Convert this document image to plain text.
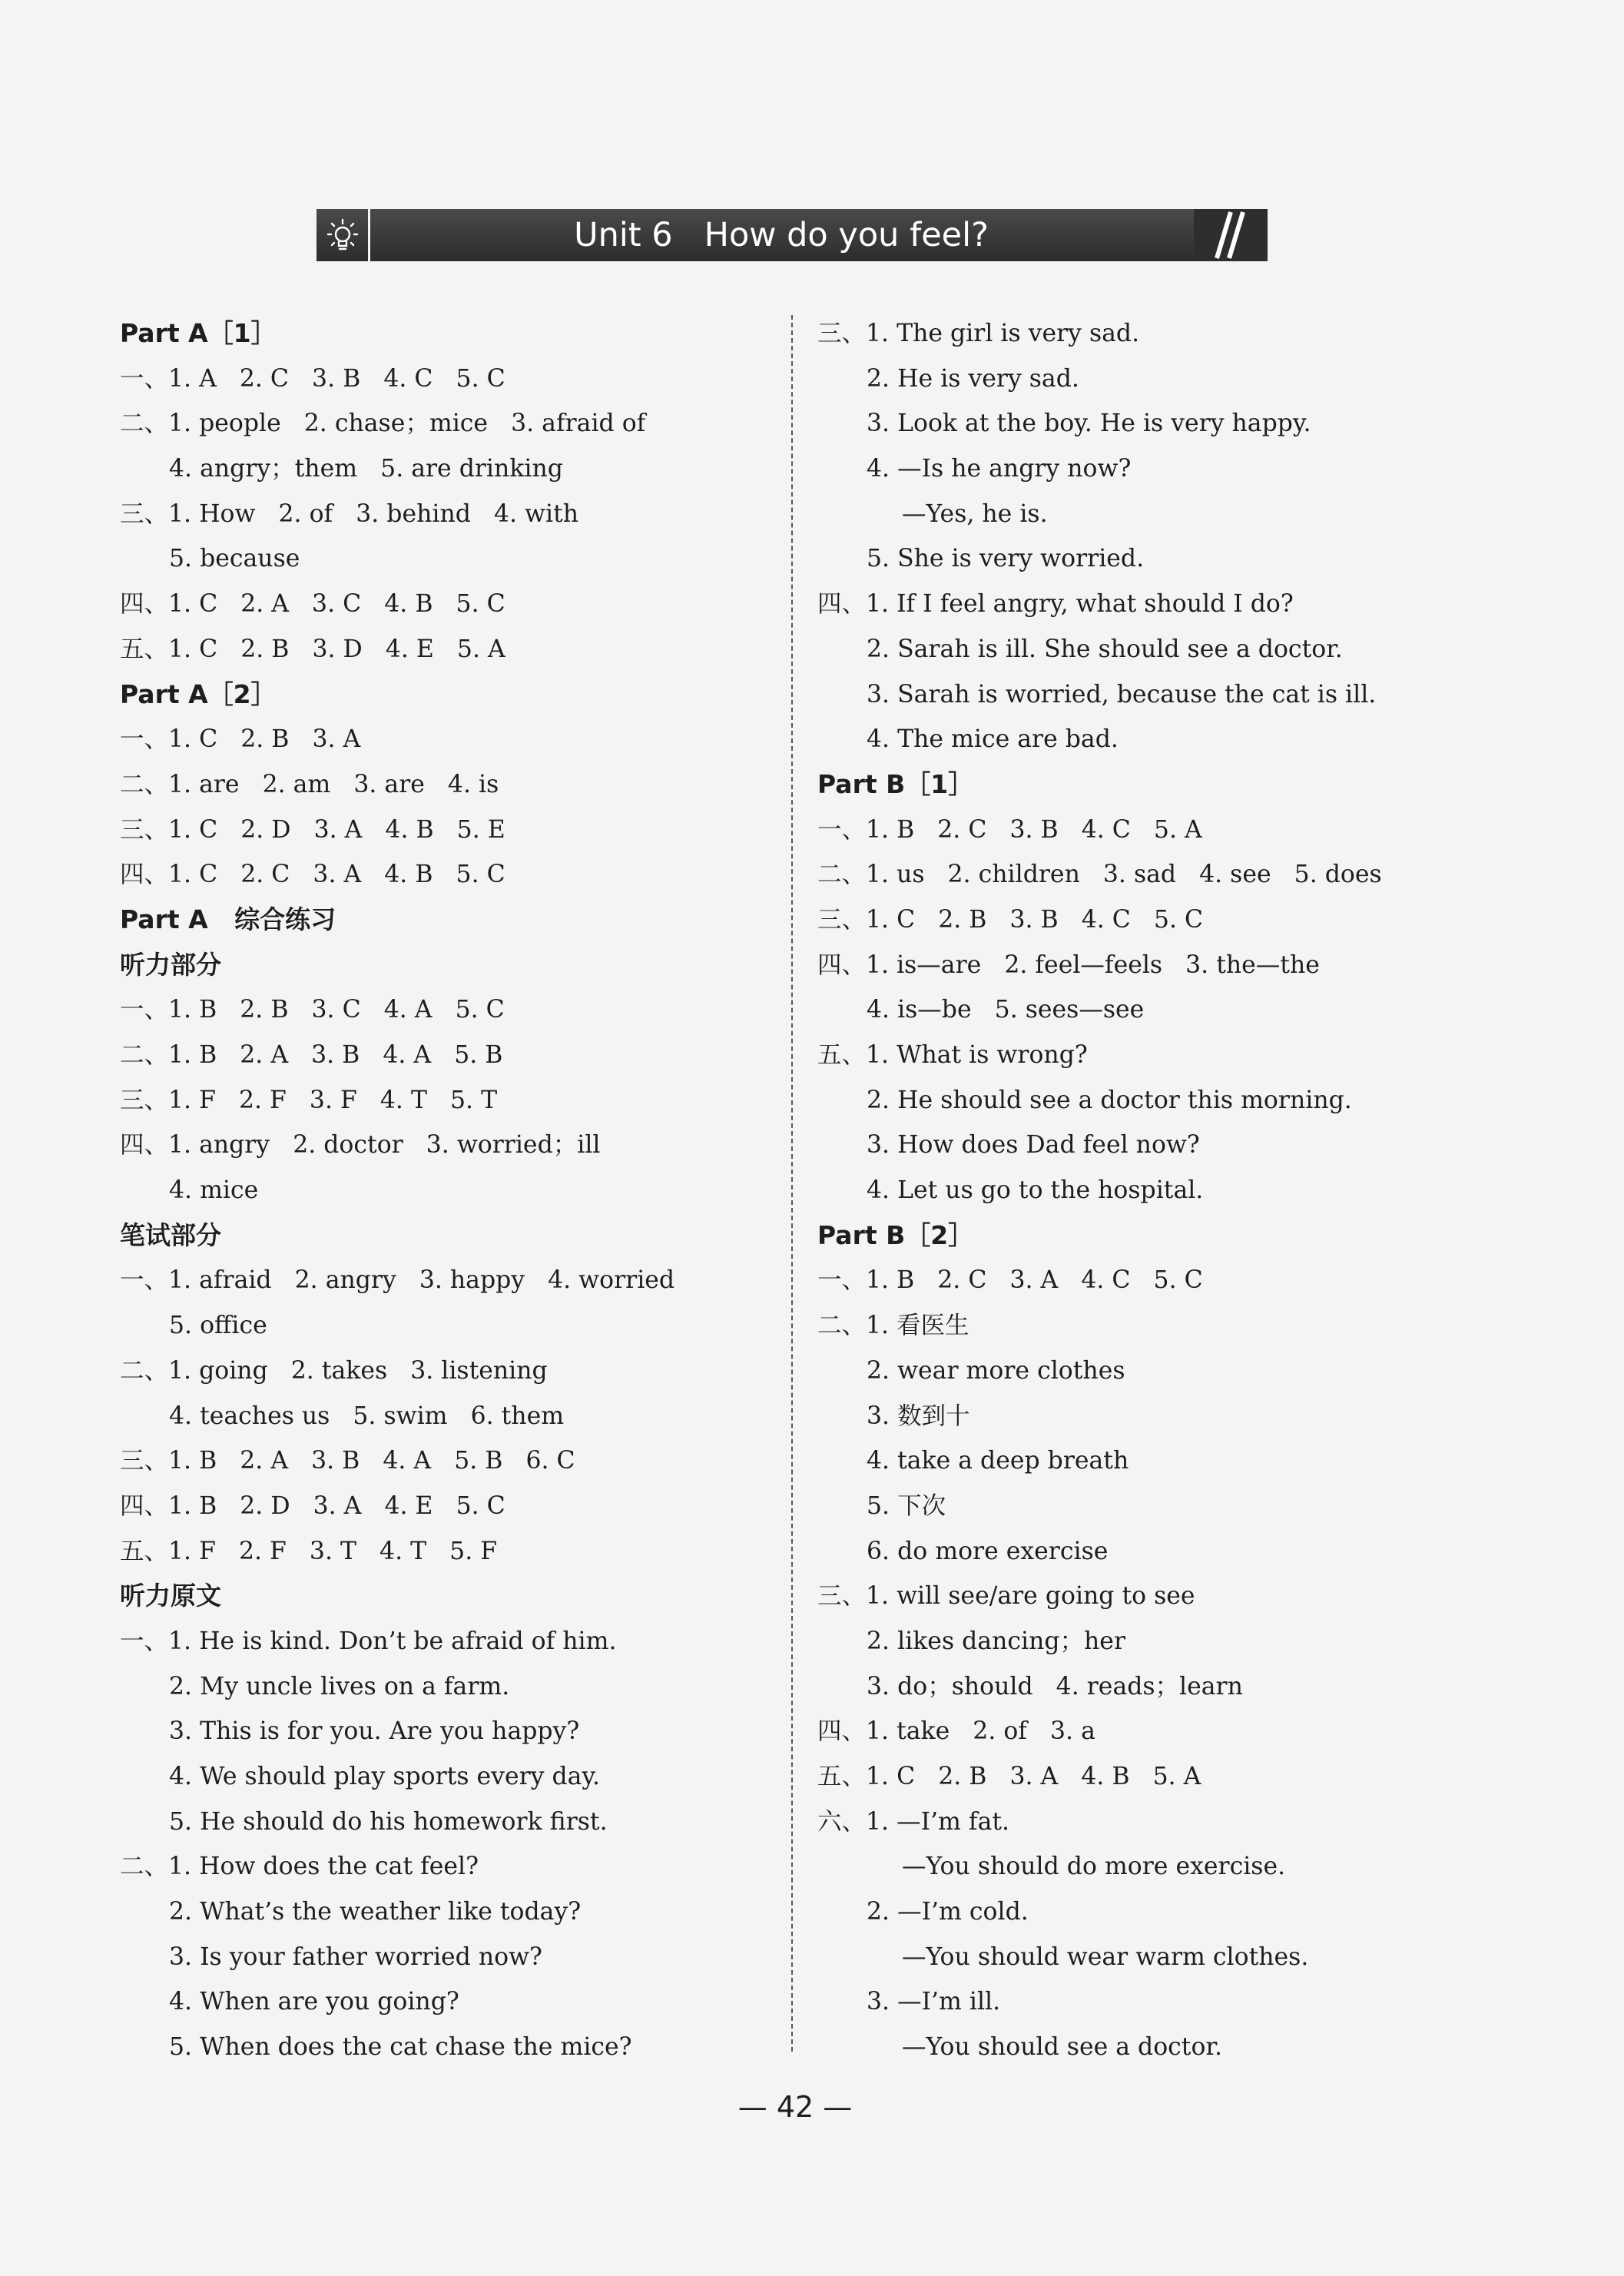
Unit 6   How do you feel?
Part A［1］
一、1. A   2. C   3. B   4. C   5. C
二、1. people   2. chase；mice   3. afraid of
4. angry；them   5. are drinking
三、1. How   2. of   3. behind   4. with
5. because
四、1. C   2. A   3. C   4. B   5. C
五、1. C   2. B   3. D   4. E   5. A
Part A［2］
一、1. C   2. B   3. A
二、1. are   2. am   3. are   4. is
三、1. C   2. D   3. A   4. B   5. E
四、1. C   2. C   3. A   4. B   5. C
Part A   综合练习
听力部分
一、1. B   2. B   3. C   4. A   5. C
二、1. B   2. A   3. B   4. A   5. B
三、1. F   2. F   3. F   4. T   5. T
四、1. angry   2. doctor   3. worried；ill
4. mice
笔试部分
一、1. afraid   2. angry   3. happy   4. worried
5. office
二、1. going   2. takes   3. listening
4. teaches us   5. swim   6. them
三、1. B   2. A   3. B   4. A   5. B   6. C
四、1. B   2. D   3. A   4. E   5. C
五、1. F   2. F   3. T   4. T   5. F
听力原文
一、1. He is kind. Don’t be afraid of him.
2. My uncle lives on a farm.
3. This is for you. Are you happy?
4. We should play sports every day.
5. He should do his homework first.
二、1. How does the cat feel?
2. What’s the weather like today?
3. Is your father worried now?
4. When are you going?
5. When does the cat chase the mice?
三、1. The girl is very sad.
2. He is very sad.
3. Look at the boy. He is very happy.
4. —Is he angry now?
—Yes, he is.
5. She is very worried.
四、1. If I feel angry, what should I do?
2. Sarah is ill. She should see a doctor.
3. Sarah is worried, because the cat is ill.
4. The mice are bad.
Part B［1］
一、1. B   2. C   3. B   4. C   5. A
二、1. us   2. children   3. sad   4. see   5. does
三、1. C   2. B   3. B   4. C   5. C
四、1. is—are   2. feel—feels   3. the—the
4. is—be   5. sees—see
五、1. What is wrong?
2. He should see a doctor this morning.
3. How does Dad feel now?
4. Let us go to the hospital.
Part B［2］
一、1. B   2. C   3. A   4. C   5. C
二、1. 看医生
2. wear more clothes
3. 数到十
4. take a deep breath
5. 下次
6. do more exercise
三、1. will see/are going to see
2. likes dancing；her
3. do；should   4. reads；learn
四、1. take   2. of   3. a
五、1. C   2. B   3. A   4. B   5. A
六、1. —I’m fat.
—You should do more exercise.
2. —I’m cold.
—You should wear warm clothes.
3. —I’m ill.
—You should see a doctor.
— 42 —
